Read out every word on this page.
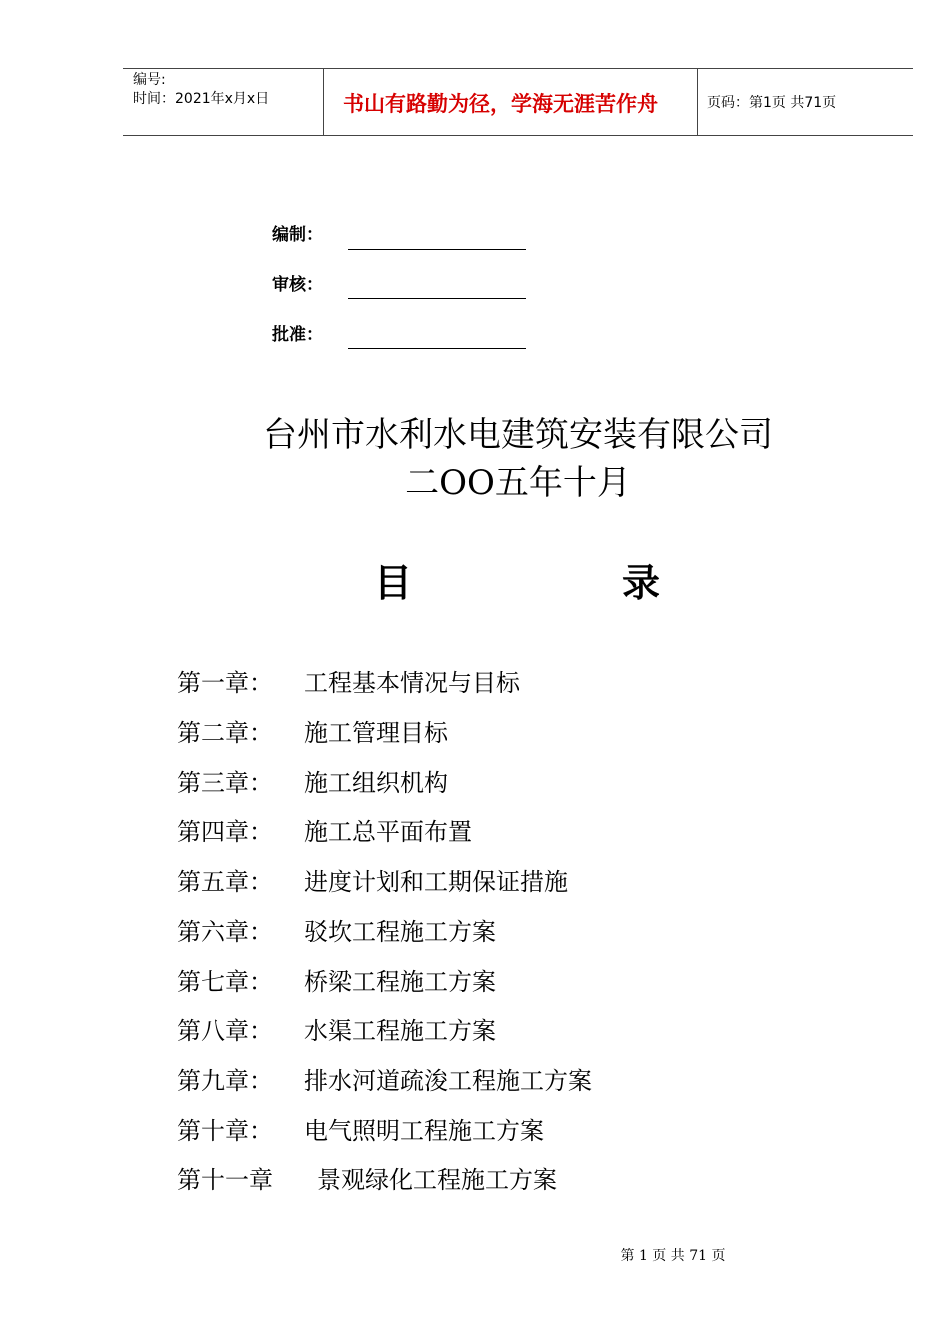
编号:
时间：2021年x月x日	书山有路勤为径，学海无涯苦作舟	页码：第1页 共71页
编制：
审核：
批准：
台州市水利水电建筑安装有限公司
二OO五年十月
目	录
第一章： 工程基本情况与目标
第二章： 施工管理目标
第三章： 施工组织机构
第四章： 施工总平面布置
第五章： 进度计划和工期保证措施
第六章： 驳坎工程施工方案
第七章： 桥梁工程施工方案
第八章： 水渠工程施工方案
第九章： 排水河道疏浚工程施工方案
第十章： 电气照明工程施工方案
第十一章 景观绿化工程施工方案
第 1 页 共 71 页
